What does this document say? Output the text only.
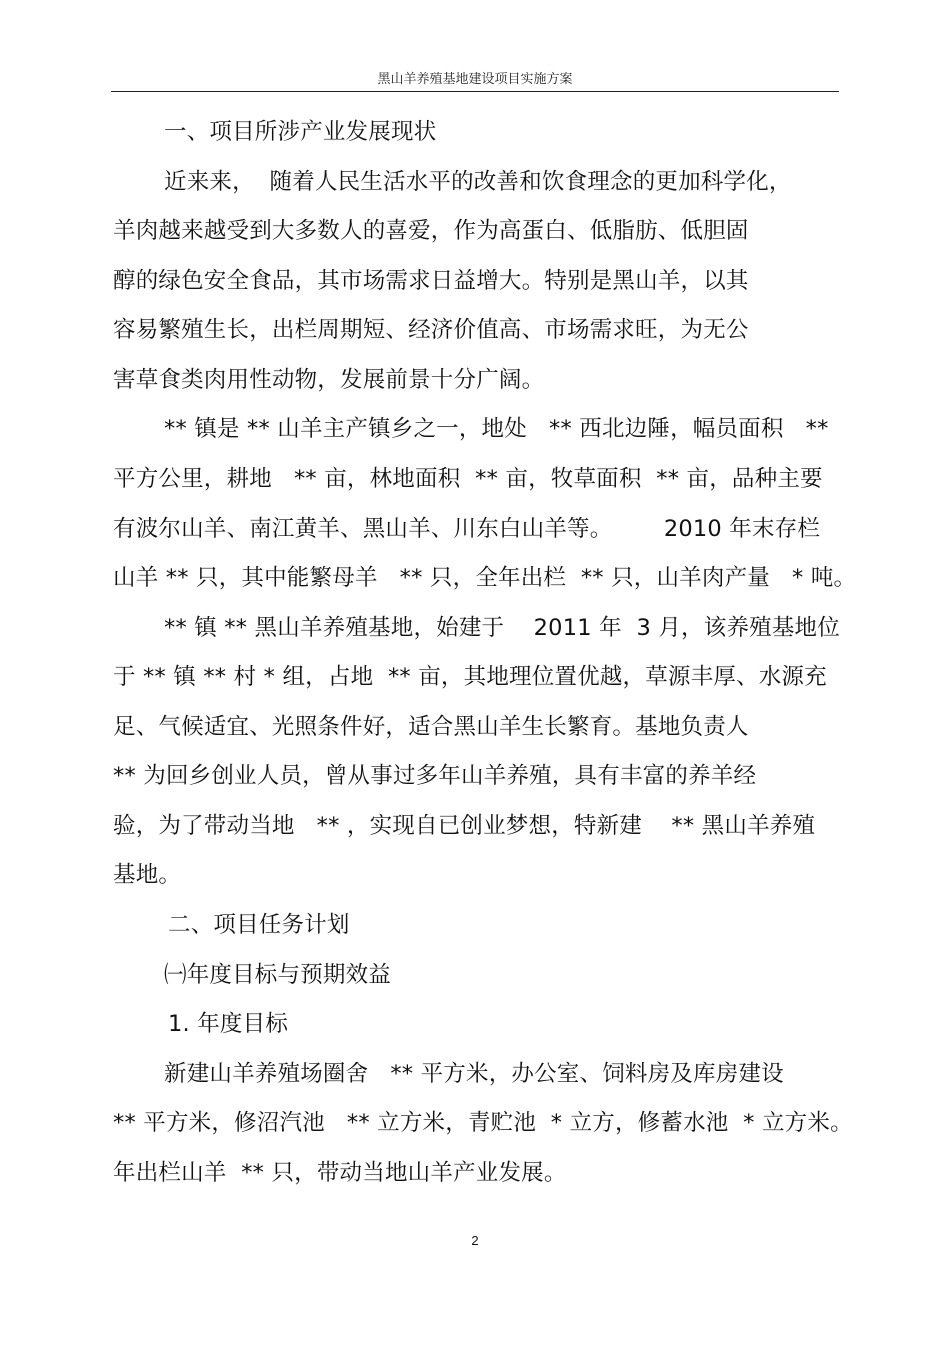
黑山羊养殖基地建设项目实施方案
一、项目所涉产业发展现状
近来来，  随着人民生活水平的改善和饮食理念的更加科学化，
羊肉越来越受到大多数人的喜爱，作为高蛋白、低脂肪、低胆固
醇的绿色安全食品，其市场需求日益增大。特别是黑山羊，以其
容易繁殖生长，出栏周期短、经济价值高、市场需求旺，为无公
害草食类肉用性动物，发展前景十分广阔。
** 镇是 ** 山羊主产镇乡之一，地处   ** 西北边陲，幅员面积   **
平方公里，耕地   ** 亩，林地面积  ** 亩，牧草面积  ** 亩，品种主要
有波尔山羊、南江黄羊、黑山羊、川东白山羊等。       2010 年末存栏
山羊 ** 只，其中能繁母羊   ** 只，全年出栏  ** 只，山羊肉产量   * 吨。
** 镇 ** 黑山羊养殖基地，始建于    2011 年  3 月，该养殖基地位
于 ** 镇 ** 村 * 组，占地  ** 亩，其地理位置优越，草源丰厚、水源充
足、气候适宜、光照条件好，适合黑山羊生长繁育。基地负责人
** 为回乡创业人员，曾从事过多年山羊养殖，具有丰富的养羊经
验，为了带动当地   ** ，实现自已创业梦想，特新建    ** 黑山羊养殖
基地。
二、项目任务计划
㈠年度目标与预期效益
1. 年度目标
新建山羊养殖场圈舍   ** 平方米，办公室、饲料房及库房建设
** 平方米，修沼汽池   ** 立方米，青贮池  * 立方，修蓄水池  * 立方米。
年出栏山羊  ** 只，带动当地山羊产业发展。
2
